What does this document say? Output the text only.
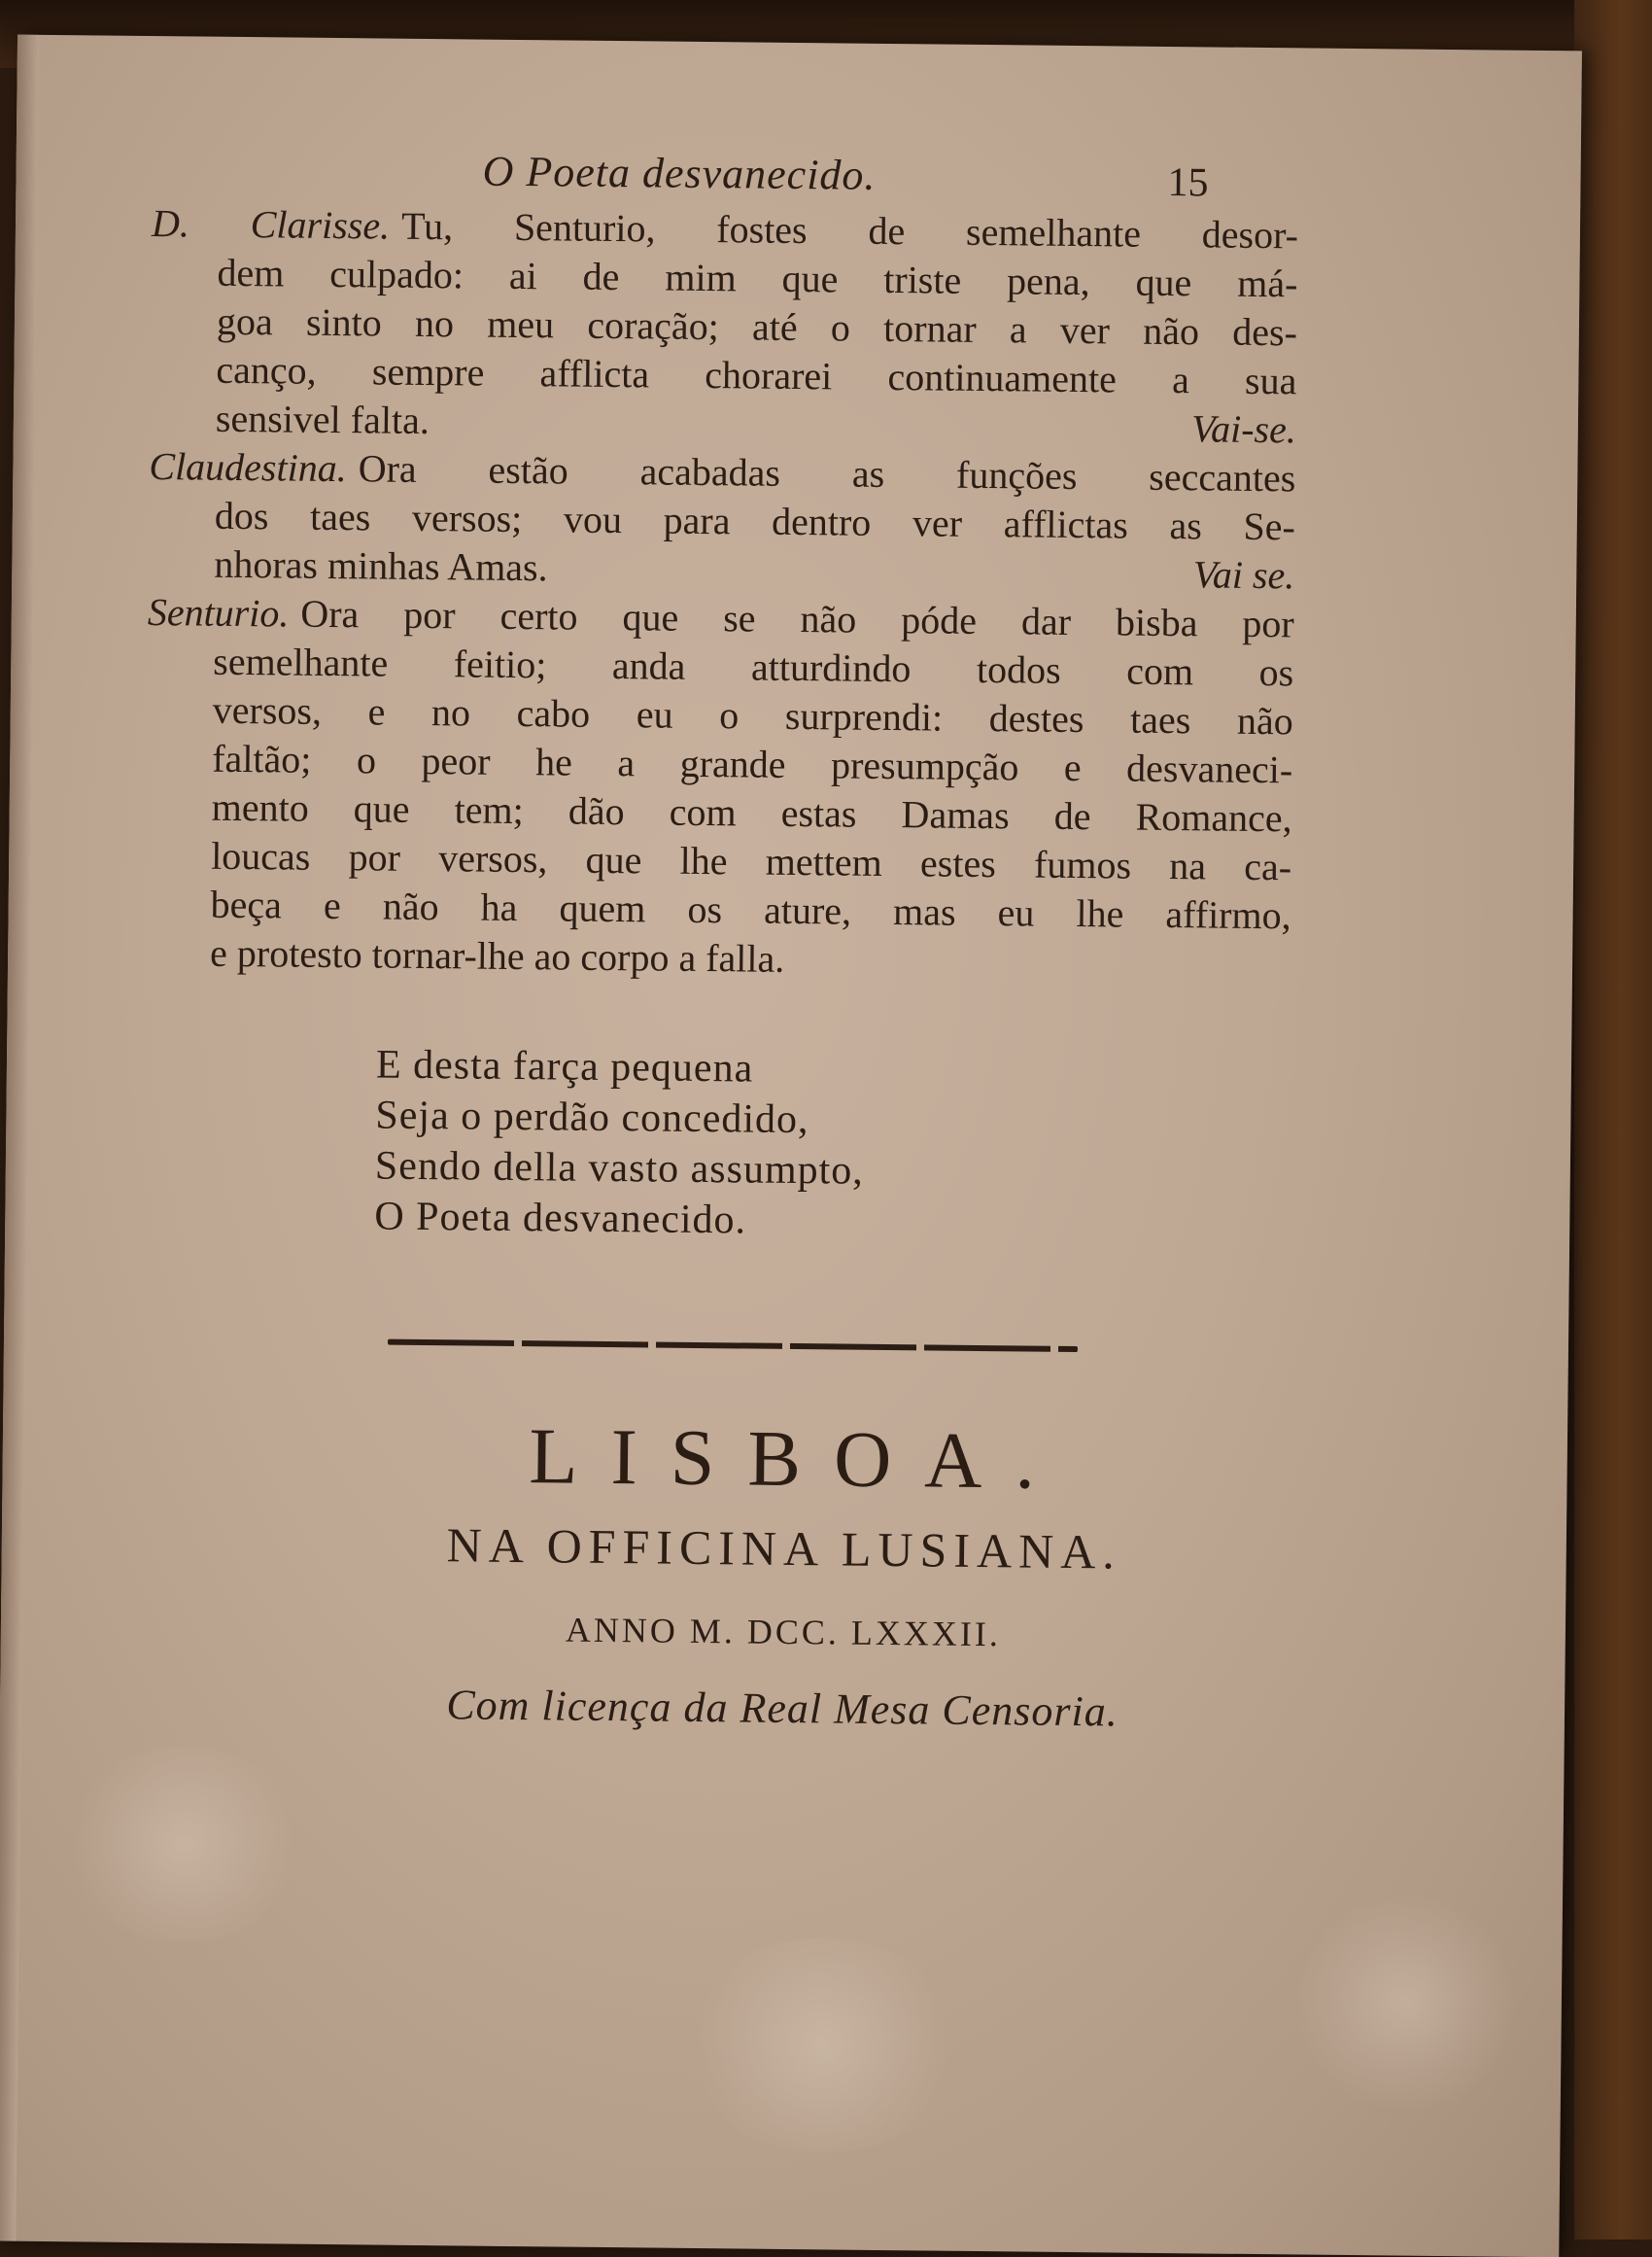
O Poeta desvanecido.	15
D. Clarisse. Tu, Senturio, fostes de semelhante desor-
dem culpado: ai de mim que triste pena, que má-
goa sinto no meu coração; até o tornar a ver não des-
canço, sempre afflicta chorarei continuamente a sua
sensivel falta.	Vai-se.
Claudestina. Ora estão acabadas as funções seccantes
dos taes versos; vou para dentro ver afflictas as Se-
nhoras minhas Amas.	Vai se.
Senturio. Ora por certo que se não póde dar bisba por
semelhante feitio; anda atturdindo todos com os
versos, e no cabo eu o surprendi: destes taes não
faltão; o peor he a grande presumpção e desvaneci-
mento que tem; dão com estas Damas de Romance,
loucas por versos, que lhe mettem estes fumos na ca-
beça e não ha quem os ature, mas eu lhe affirmo,
e protesto tornar-lhe ao corpo a falla.
E desta farça pequena
Seja o perdão concedido,
Sendo della vasto assumpto,
O Poeta desvanecido.
LISBOA.
NA OFFICINA LUSIANA.
ANNO M. DCC. LXXXII.
Com licença da Real Mesa Censoria.
